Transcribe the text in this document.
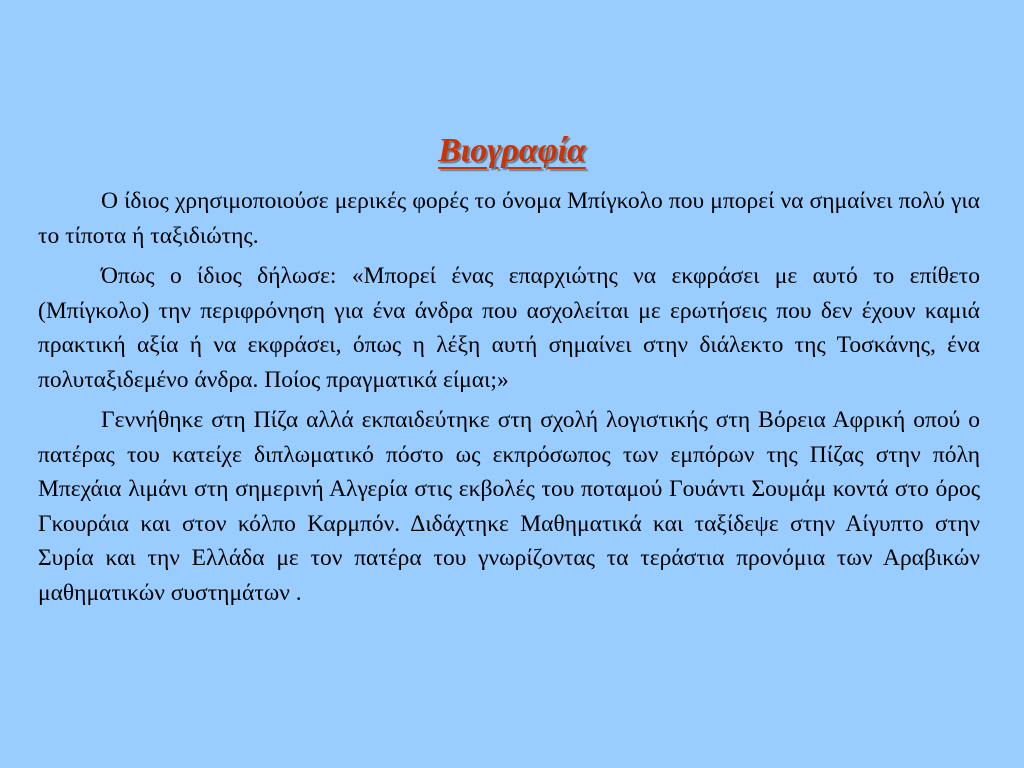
Βιογραφία

Ο ίδιος χρησιμοποιούσε μερικές φορές το όνομα Μπίγκολο που μπορεί να σημαίνει πολύ για το τίποτα ή ταξιδιώτης.

Όπως ο ίδιος δήλωσε: «Μπορεί ένας επαρχιώτης να εκφράσει με αυτό το επίθετο (Μπίγκολο) την περιφρόνηση για ένα άνδρα που ασχολείται με ερωτήσεις που δεν έχουν καμιά πρακτική αξία ή να εκφράσει, όπως η λέξη αυτή σημαίνει στην διάλεκτο της Τοσκάνης, ένα πολυταξιδεμένο άνδρα. Ποίος πραγματικά είμαι;»

Γεννήθηκε στη Πίζα αλλά εκπαιδεύτηκε στη σχολή λογιστικής στη Βόρεια Αφρική οπού ο πατέρας του κατείχε διπλωματικό πόστο ως εκπρόσωπος των εμπόρων της Πίζας στην πόλη Μπεχάια λιμάνι στη σημερινή Αλγερία στις εκβολές του ποταμού Γουάντι Σουμάμ κοντά στο όρος Γκουράια και στον κόλπο Καρμπόν. Διδάχτηκε Μαθηματικά και ταξίδεψε στην Αίγυπτο στην Συρία και την Ελλάδα με τον πατέρα του γνωρίζοντας τα τεράστια προνόμια των Αραβικών μαθηματικών συστημάτων .
